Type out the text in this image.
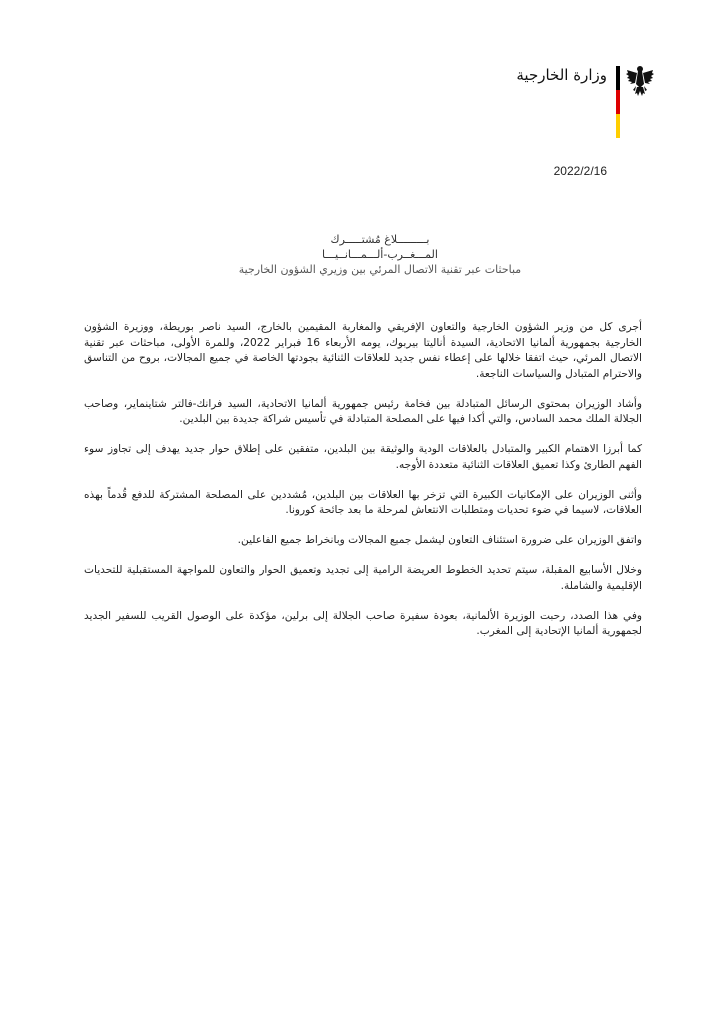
وزارة الخارجية
2022/2/16
بـــــــــلاغ مُشتـــــرك
المـــغــرب-ألـــمـــانــيـــا
مباحثات عبر تقنية الاتصال المرئي بين وزيري الشؤون الخارجية

أجرى كل من وزير الشؤون الخارجية والتعاون الإفريقي والمغاربة المقيمين بالخارج، السيد ناصر بوريطة، ووزيرة الشؤون الخارجية بجمهورية ألمانيا الاتحادية، السيدة أناليتا بيربوك، يومه الأربعاء 16 فبراير 2022، وللمرة الأولى، مباحثات عبر تقنية الاتصال المرئي، حيث اتفقا خلالها على إعطاء نفس جديد للعلاقات الثنائية بجودتها الخاصة في جميع المجالات، بروح من التناسق والاحترام المتبادل والسياسات الناجعة.

وأشاد الوزيران بمحتوى الرسائل المتبادلة بين فخامة رئيس جمهورية ألمانيا الاتحادية، السيد فرانك-فالتر شتاينماير، وصاحب الجلالة الملك محمد السادس، والتي أكدا فيها على المصلحة المتبادلة في تأسيس شراكة جديدة بين البلدين.

كما أبرزا الاهتمام الكبير والمتبادل بالعلاقات الودية والوثيقة بين البلدين، متفقين على إطلاق حوار جديد يهدف إلى تجاوز سوء الفهم الطارئ وكذا تعميق العلاقات الثنائية متعددة الأوجه.

وأثنى الوزيران على الإمكانيات الكبيرة التي تزخر بها العلاقات بين البلدين، مُشددين على المصلحة المشتركة للدفع قُدماً بهذه العلاقات، لاسيما في ضوء تحديات ومتطلبات الانتعاش لمرحلة ما بعد جائحة كورونا.

واتفق الوزيران على ضرورة استئناف التعاون ليشمل جميع المجالات وبانخراط جميع الفاعلين.

وخلال الأسابيع المقبلة، سيتم تحديد الخطوط العريضة الرامية إلى تجديد وتعميق الحوار والتعاون للمواجهة المستقبلية للتحديات الإقليمية والشاملة.

وفي هذا الصدد، رحبت الوزيرة الألمانية، بعودة سفيرة صاحب الجلالة إلى برلين، مؤكدة على الوصول القريب للسفير الجديد لجمهورية ألمانيا الإتحادية إلى المغرب.
